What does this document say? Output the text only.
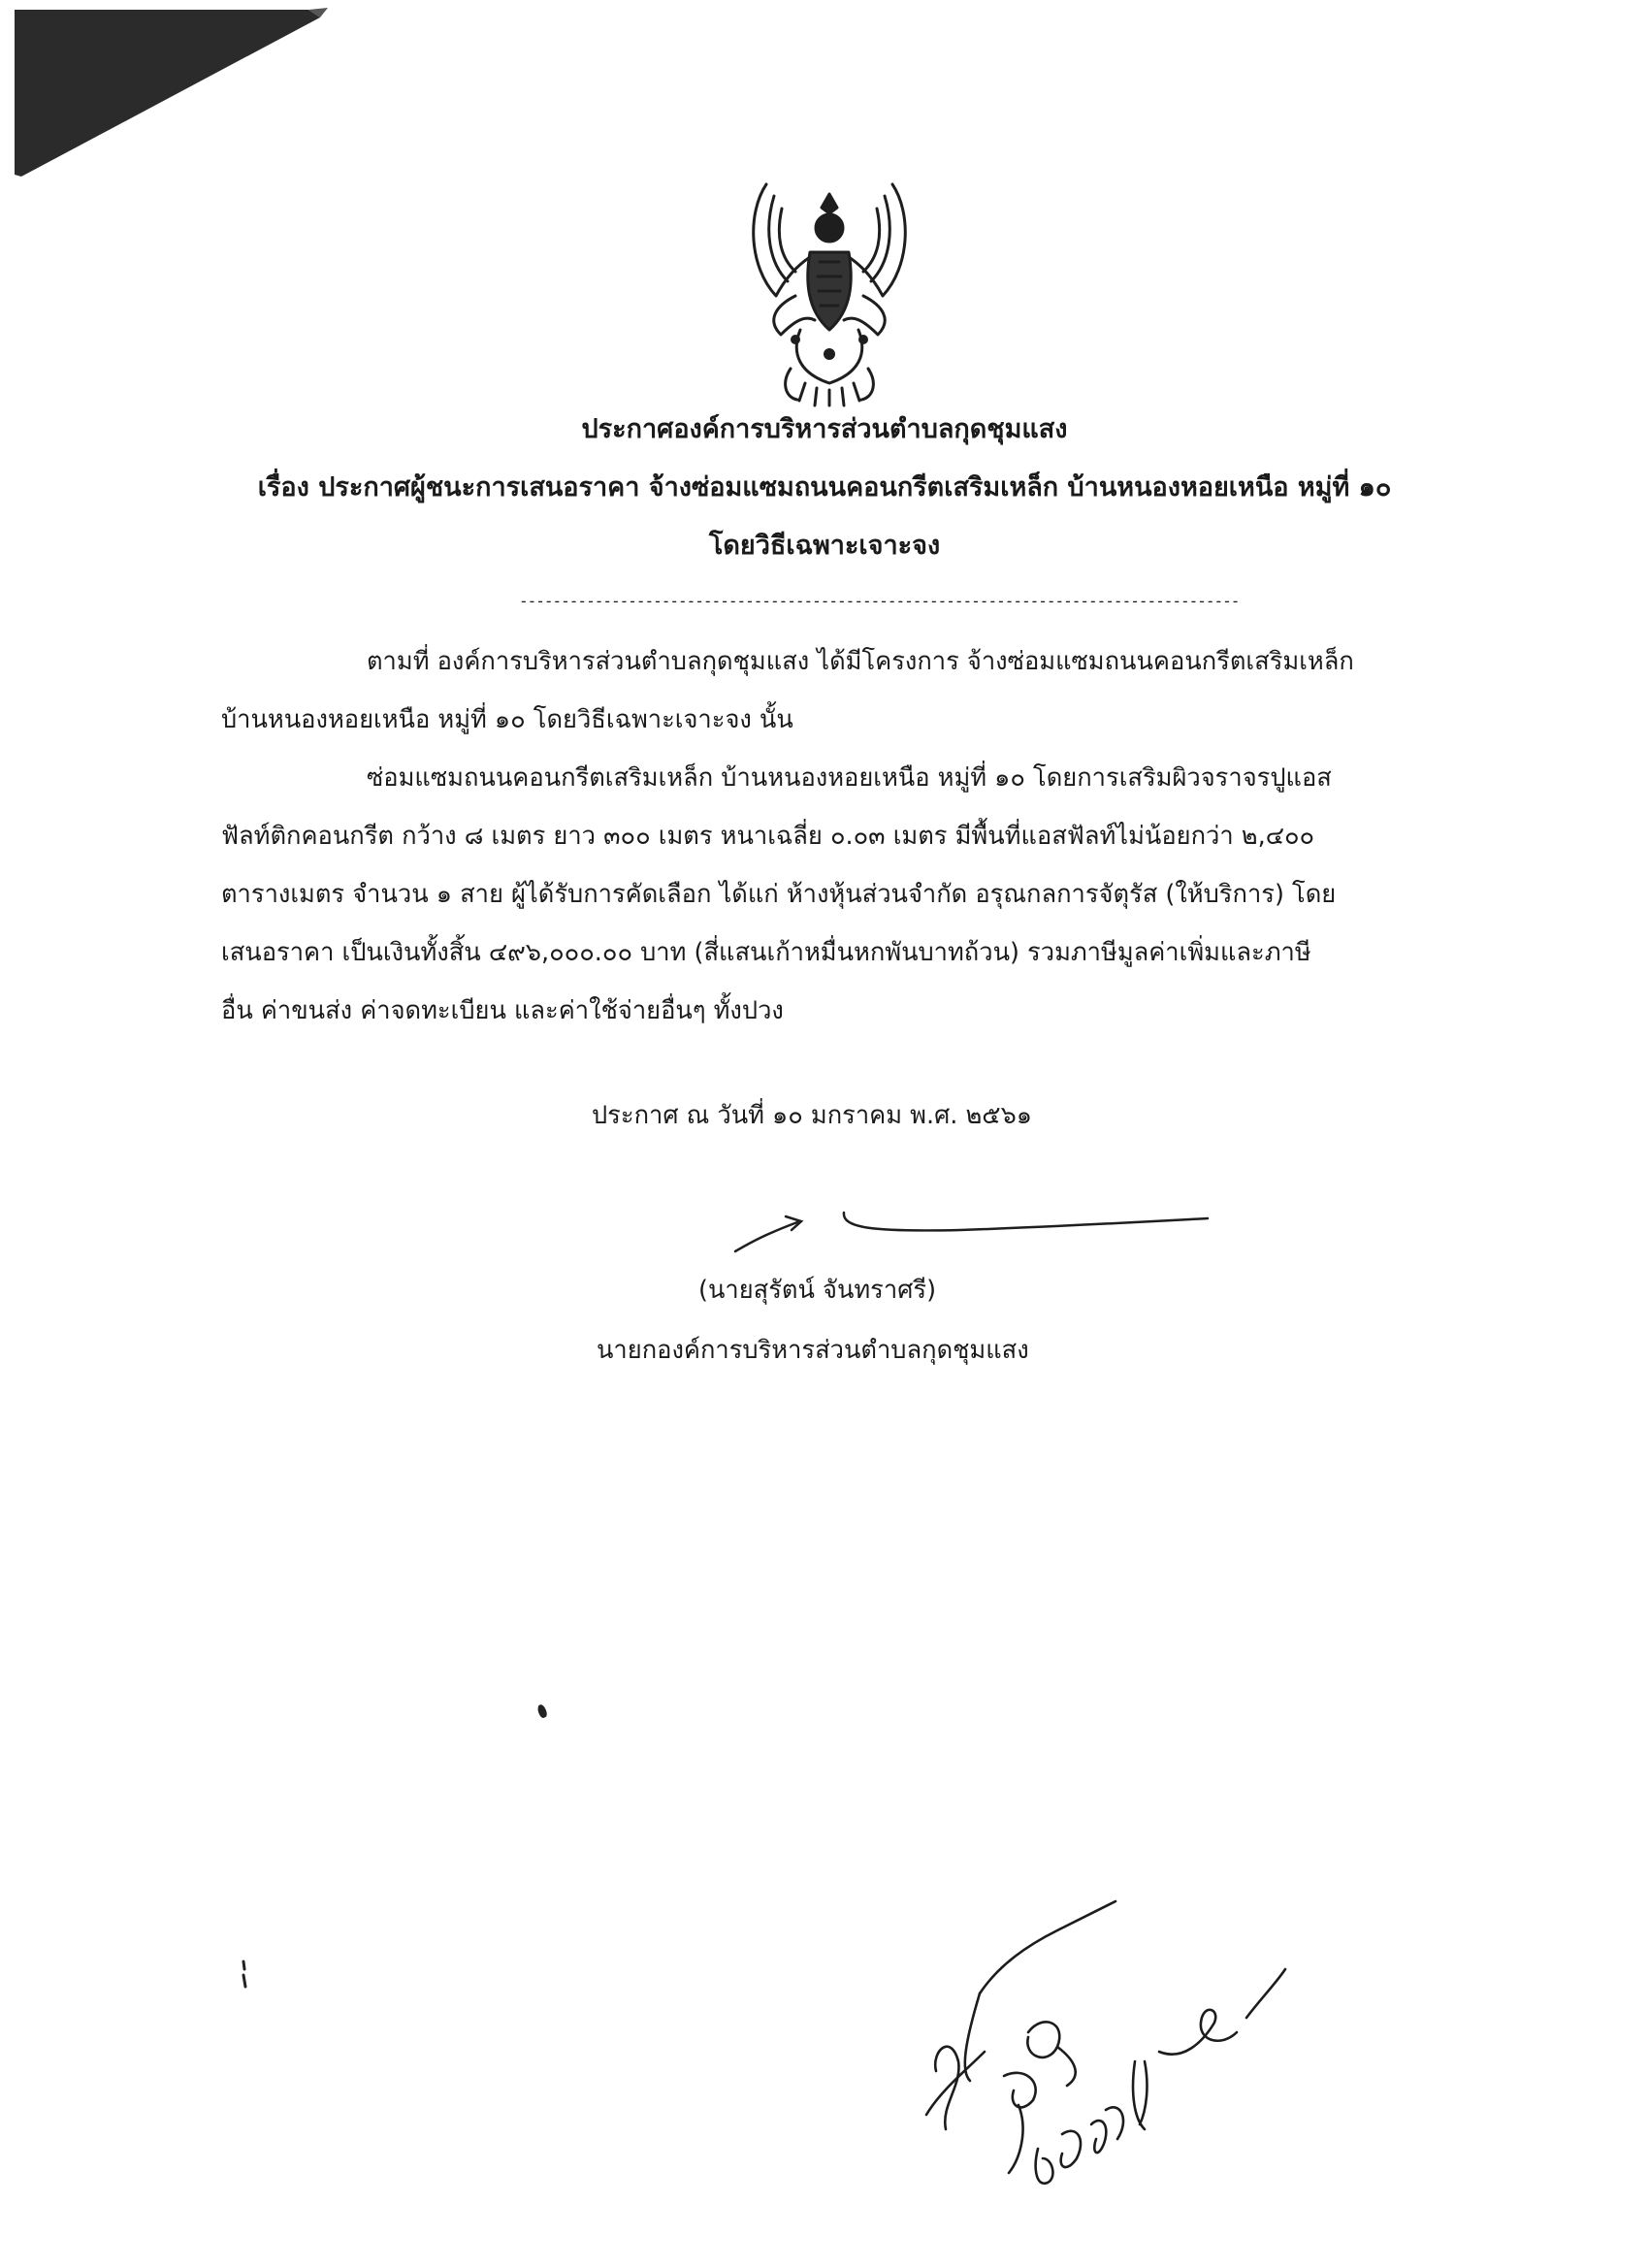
ประกาศองค์การบริหารส่วนตำบลกุดชุมแสง
เรื่อง ประกาศผู้ชนะการเสนอราคา จ้างซ่อมแซมถนนคอนกรีตเสริมเหล็ก บ้านหนองหอยเหนือ หมู่ที่ ๑๐
โดยวิธีเฉพาะเจาะจง
--------------------------------------------------------------------------------------
ตามที่ องค์การบริหารส่วนตำบลกุดชุมแสง ได้มีโครงการ จ้างซ่อมแซมถนนคอนกรีตเสริมเหล็ก
บ้านหนองหอยเหนือ หมู่ที่ ๑๐ โดยวิธีเฉพาะเจาะจง นั้น
ซ่อมแซมถนนคอนกรีตเสริมเหล็ก บ้านหนองหอยเหนือ หมู่ที่ ๑๐ โดยการเสริมผิวจราจรปูแอส
ฟัลท์ติกคอนกรีต กว้าง ๘ เมตร ยาว ๓๐๐ เมตร หนาเฉลี่ย ๐.๐๓ เมตร มีพื้นที่แอสฟัลท์ไม่น้อยกว่า ๒,๔๐๐
ตารางเมตร จำนวน ๑ สาย ผู้ได้รับการคัดเลือก ได้แก่ ห้างหุ้นส่วนจำกัด อรุณกลการจัตุรัส (ให้บริการ) โดย
เสนอราคา เป็นเงินทั้งสิ้น ๔๙๖,๐๐๐.๐๐ บาท (สี่แสนเก้าหมื่นหกพันบาทถ้วน) รวมภาษีมูลค่าเพิ่มและภาษี
อื่น ค่าขนส่ง ค่าจดทะเบียน และค่าใช้จ่ายอื่นๆ ทั้งปวง
ประกาศ ณ วันที่ ๑๐ มกราคม พ.ศ. ๒๕๖๑
(นายสุรัตน์ จันทราศรี)
นายกองค์การบริหารส่วนตำบลกุดชุมแสง
